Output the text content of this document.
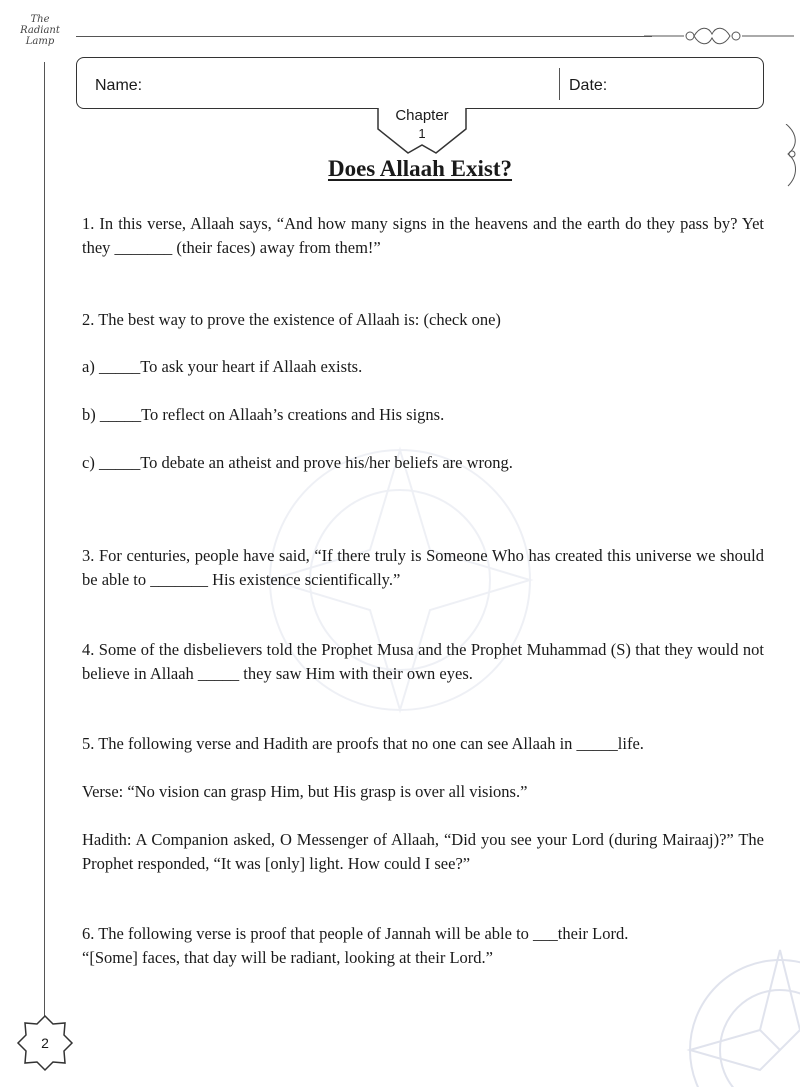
The
Radiant
Lamp
Name:	Date:
Chapter
1
Does Allaah Exist?

1. In this verse, Allaah says, “And how many signs in the heavens and the earth do they pass by? Yet they _______ (their faces) away from them!”

2. The best way to prove the existence of Allaah is: (check one)

a) _____To ask your heart if Allaah exists.

b) _____To reflect on Allaah’s creations and His signs.

c) _____To debate an atheist and prove his/her beliefs are wrong.

3. For centuries, people have said, “If there truly is Someone Who has created this universe we should be able to _______ His existence scientifically.”

4. Some of the disbelievers told the Prophet Musa and the Prophet Muhammad (S) that they would not believe in Allaah _____ they saw Him with their own eyes.

5. The following verse and Hadith are proofs that no one can see Allaah in _____life.

Verse: “No vision can grasp Him, but His grasp is over all visions.”

Hadith: A Companion asked, O Messenger of Allaah, “Did you see your Lord (during Mairaaj)?” The Prophet responded, “It was [only] light. How could I see?”

6. The following verse is proof that people of Jannah will be able to ___their Lord.

“[Some] faces, that day will be radiant, looking at their Lord.”

2
